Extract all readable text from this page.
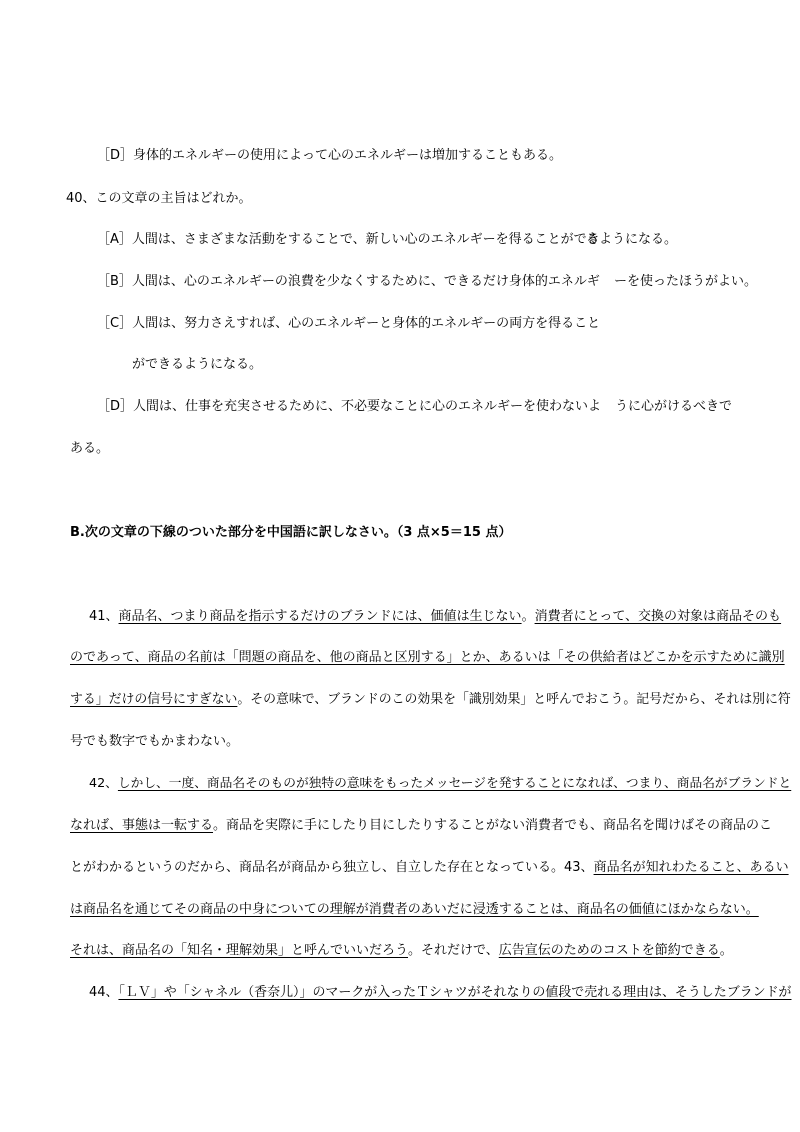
［D］身体的エネルギーの使用によって心のエネルギーは増加することもある。
40、この文章の主旨はどれか。
［A］人間は、さまざまな活動をすることで、新しい心のエネルギーを得ることができ
るようになる。
［B］人間は、心のエネルギーの浪費を少なくするために、できるだけ身体的エネルギ ーを使ったほうがよい。
［C］人間は、努力さえすれば、心のエネルギーと身体的エネルギーの両方を得ること
ができるようになる。
［D］人間は、仕事を充実させるために、不必要なことに心のエネルギーを使わないよ うに心がけるべきで
ある。
B.次の文章の下線のついた部分を中国語に訳しなさい。（3 点×5＝15 点）
41、商品名、つまり商品を指示するだけのブランドには、価値は生じない。消費者にとって、交換の対象は商品そのも
のであって、商品の名前は「問題の商品を、他の商品と区別する」とか、あるいは「その供給者はどこかを示すために識別
する」だけの信号にすぎない。その意味で、ブランドのこの効果を「識別効果」と呼んでおこう。記号だから、それは別に符
号でも数字でもかまわない。
42、しかし、一度、商品名そのものが独特の意味をもったメッセージを発することになれば、つまり、商品名がブランドと
なれば、事態は一転する。商品を実際に手にしたり目にしたりすることがない消費者でも、商品名を聞けばその商品のこ
とがわかるというのだから、商品名が商品から独立し、自立した存在となっている。43、商品名が知れわたること、あるい
は商品名を通じてその商品の中身についての理解が消費者のあいだに浸透することは、商品名の価値にほかならない。
それは、商品名の「知名・理解効果」と呼んでいいだろう。それだけで、広告宣伝のためのコストを節約できる。
44、「ＬＶ」や「シャネル（香奈儿）」のマークが入ったＴシャツがそれなりの値段で売れる理由は、そうしたブランドが
